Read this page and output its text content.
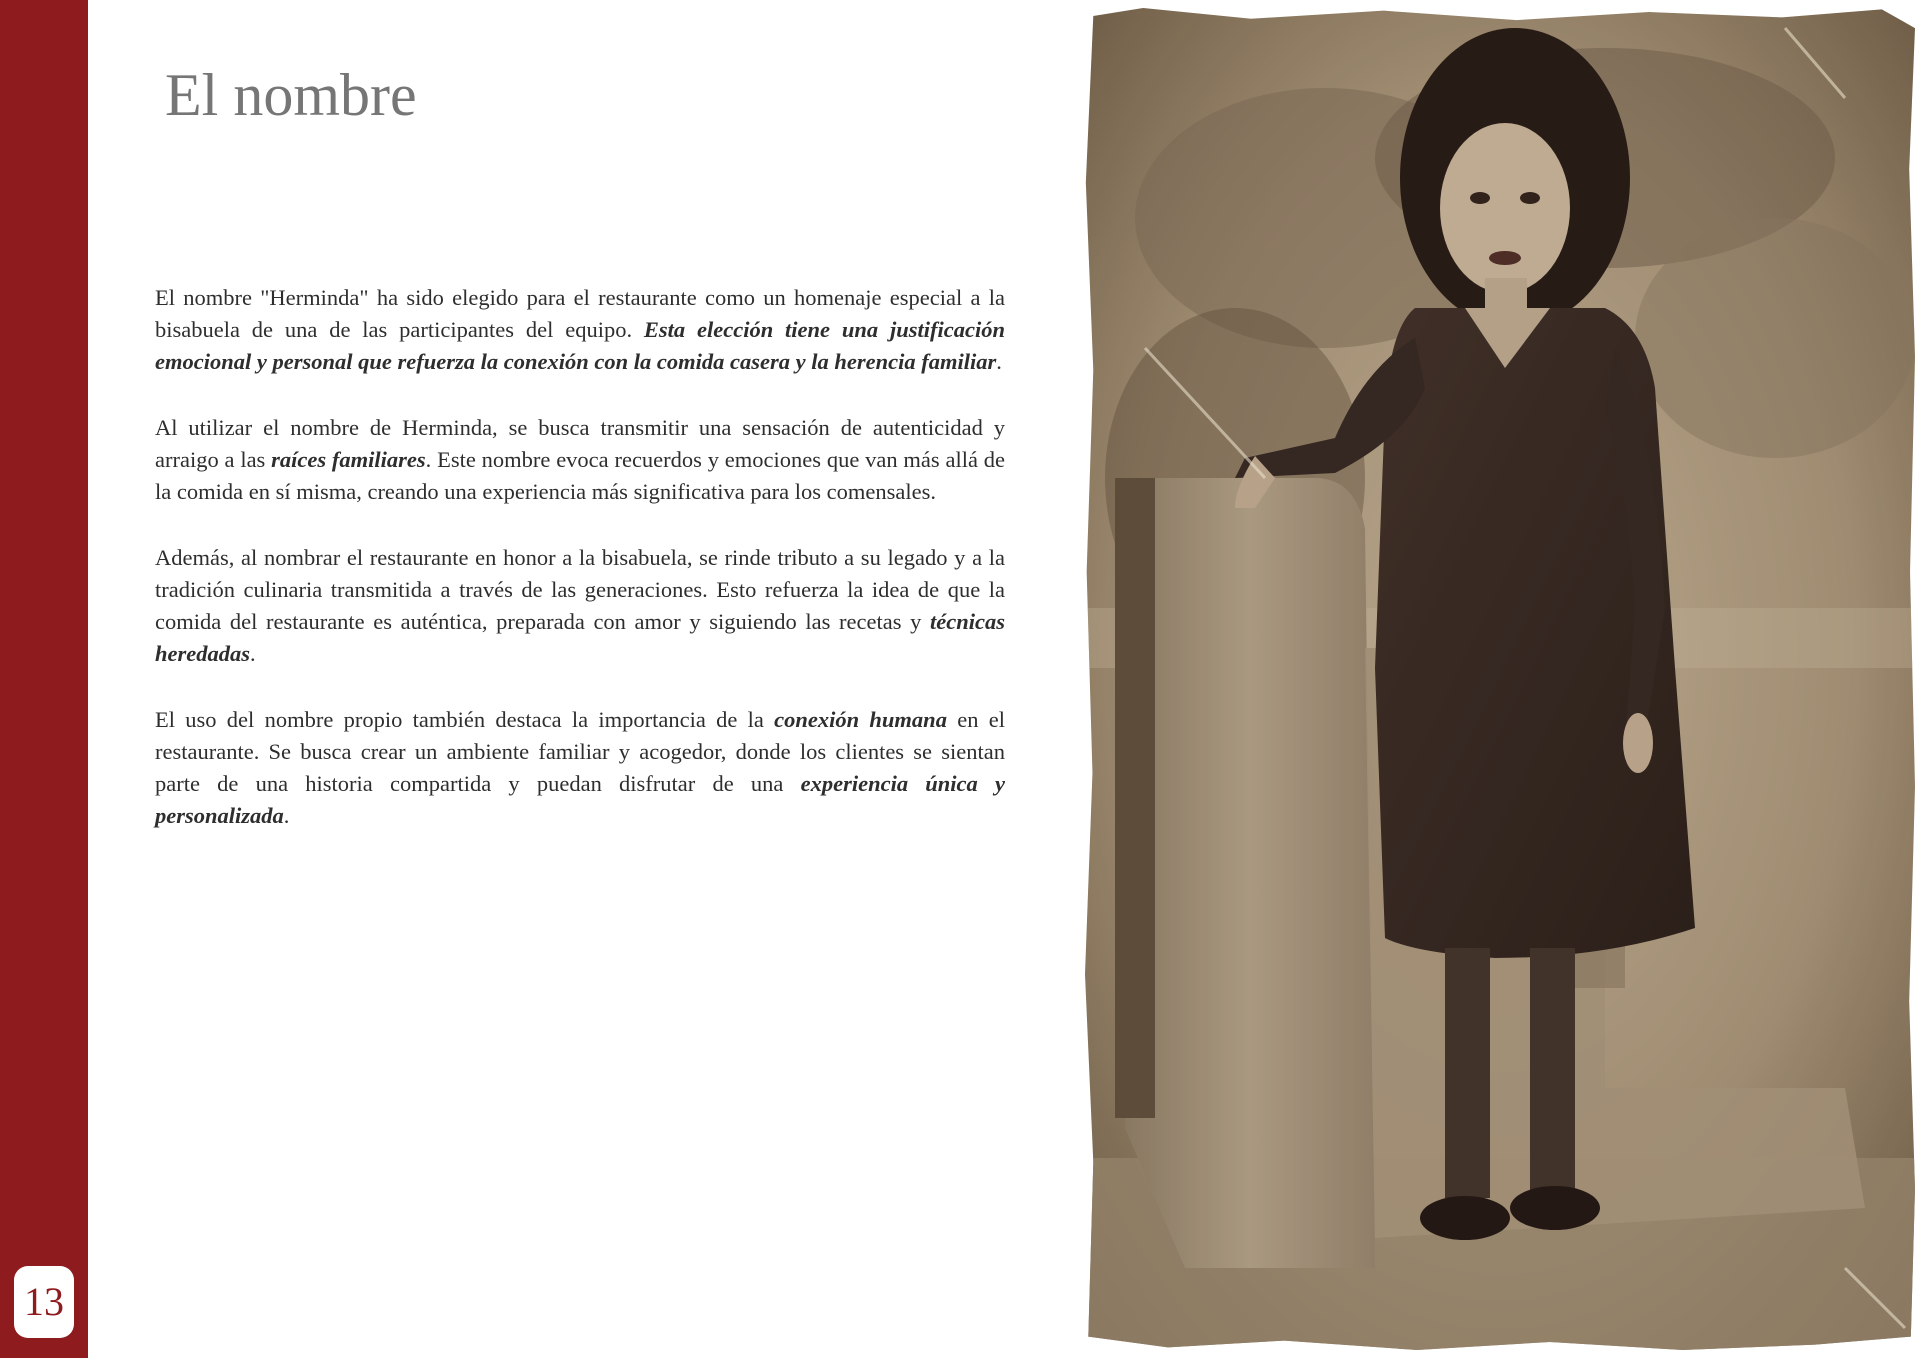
13
El nombre

El nombre "Herminda" ha sido elegido para el restaurante como un homenaje especial a la bisabuela de una de las participantes del equipo. Esta elección tiene una justificación emocional y personal que refuerza la conexión con la comida casera y la herencia familiar.

Al utilizar el nombre de Herminda, se busca transmitir una sensación de autenticidad y arraigo a las raíces familiares. Este nombre evoca recuerdos y emociones que van más allá de la comida en sí misma, creando una experiencia más significativa para los comensales.

Además, al nombrar el restaurante en honor a la bisabuela, se rinde tributo a su legado y a la tradición culinaria transmitida a través de las generaciones. Esto refuerza la idea de que la comida del restaurante es auténtica, preparada con amor y siguiendo las recetas y técnicas heredadas.

El uso del nombre propio también destaca la importancia de la conexión humana en el restaurante. Se busca crear un ambiente familiar y acogedor, donde los clientes se sientan parte de una historia compartida y puedan disfrutar de una experiencia única y personalizada.
